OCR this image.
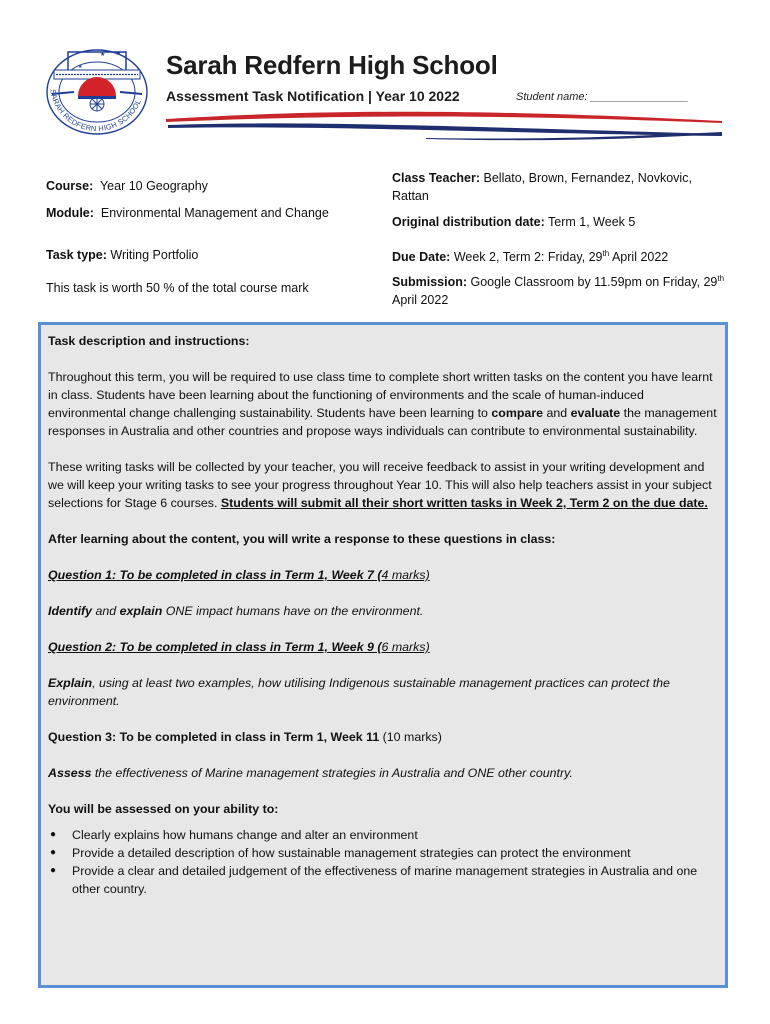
★ ★
★
SARAH REDFERN HIGH SCHOOL
Sarah Redfern High School
Assessment Task Notification | Year 10 2022	Student name: ________________
Course: Year 10 Geography
Module: Environmental Management and Change
Task type: Writing Portfolio
This task is worth 50 % of the total course mark
Class Teacher: Bellato, Brown, Fernandez, Novkovic, Rattan
Original distribution date: Term 1, Week 5
Due Date: Week 2, Term 2: Friday, 29th April 2022
Submission: Google Classroom by 11.59pm on Friday, 29th April 2022

Task description and instructions:

Throughout this term, you will be required to use class time to complete short written tasks on the content you have learnt in class. Students have been learning about the functioning of environments and the scale of human-induced environmental change challenging sustainability. Students have been learning to compare and evaluate the management responses in Australia and other countries and propose ways individuals can contribute to environmental sustainability.

These writing tasks will be collected by your teacher, you will receive feedback to assist in your writing development and we will keep your writing tasks to see your progress throughout Year 10. This will also help teachers assist in your subject selections for Stage 6 courses. Students will submit all their short written tasks in Week 2, Term 2 on the due date.

After learning about the content, you will write a response to these questions in class:

Question 1: To be completed in class in Term 1, Week 7 (4 marks)

Identify and explain ONE impact humans have on the environment.

Question 2: To be completed in class in Term 1, Week 9 (6 marks)

Explain, using at least two examples, how utilising Indigenous sustainable management practices can protect the environment.

Question 3: To be completed in class in Term 1, Week 11 (10 marks)

Assess the effectiveness of Marine management strategies in Australia and ONE other country.

You will be assessed on your ability to:

● Clearly explains how humans change and alter an environment
● Provide a detailed description of how sustainable management strategies can protect the environment
● Provide a clear and detailed judgement of the effectiveness of marine management strategies in Australia and one other country.
